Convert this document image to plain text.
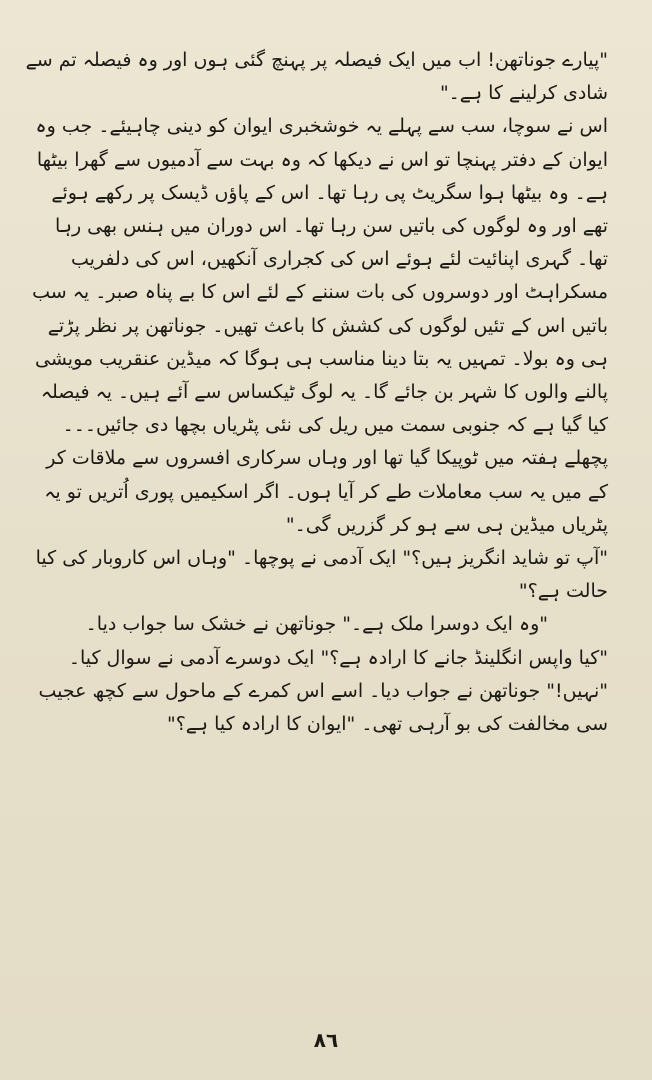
"پیارے جوناتھن! اب میں ایک فیصلہ پر پہنچ گئی ہوں اور وہ فیصلہ تم سے شادی کرلینے کا ہے۔"

اس نے سوچا، سب سے پہلے یہ خوشخبری ایوان کو دینی چاہیئے۔ جب وہ ایوان کے دفتر پہنچا تو اس نے دیکھا کہ وہ بہت سے آدمیوں سے گھرا بیٹھا ہے۔ وہ بیٹھا ہوا سگریٹ پی رہا تھا۔ اس کے پاؤں ڈیسک پر رکھے ہوئے تھے اور وہ لوگوں کی باتیں سن رہا تھا۔ اس دوران میں ہنس بھی رہا تھا۔ گہری اپنائیت لئے ہوئے اس کی کجراری آنکھیں، اس کی دلفریب مسکراہٹ اور دوسروں کی بات سننے کے لئے اس کا بے پناہ صبر۔ یہ سب باتیں اس کے تئیں لوگوں کی کشش کا باعث تھیں۔ جوناتھن پر نظر پڑتے ہی وہ بولا۔ تمہیں یہ بتا دینا مناسب ہی ہوگا کہ میڈین عنقریب مویشی پالنے والوں کا شہر بن جائے گا۔ یہ لوگ ٹیکساس سے آئے ہیں۔ یہ فیصلہ کیا گیا ہے کہ جنوبی سمت میں ریل کی نئی پٹریاں بچھا دی جائیں۔۔۔ پچھلے ہفتہ میں ٹوپیکا گیا تھا اور وہاں سرکاری افسروں سے ملاقات کر کے میں یہ سب معاملات طے کر آیا ہوں۔ اگر اسکیمیں پوری اُتریں تو یہ پٹریاں میڈین ہی سے ہو کر گزریں گی۔"

"آپ تو شاید انگریز ہیں؟" ایک آدمی نے پوچھا۔ "وہاں اس کاروبار کی کیا حالت ہے؟"

"وہ ایک دوسرا ملک ہے۔" جوناتھن نے خشک سا جواب دیا۔

"کیا واپس انگلینڈ جانے کا ارادہ ہے؟" ایک دوسرے آدمی نے سوال کیا۔

"نہیں!" جوناتھن نے جواب دیا۔ اسے اس کمرے کے ماحول سے کچھ عجیب سی مخالفت کی بو آرہی تھی۔ "ایوان کا ارادہ کیا ہے؟"

٨٦
